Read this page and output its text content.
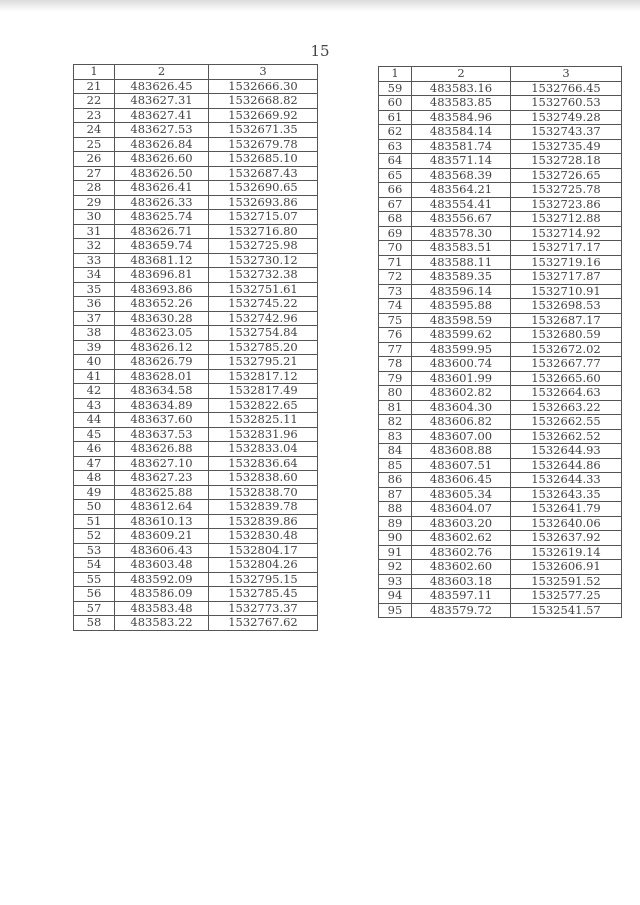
15
1	2	3
21	483626.45	1532666.30
22	483627.31	1532668.82
23	483627.41	1532669.92
24	483627.53	1532671.35
25	483626.84	1532679.78
26	483626.60	1532685.10
27	483626.50	1532687.43
28	483626.41	1532690.65
29	483626.33	1532693.86
30	483625.74	1532715.07
31	483626.71	1532716.80
32	483659.74	1532725.98
33	483681.12	1532730.12
34	483696.81	1532732.38
35	483693.86	1532751.61
36	483652.26	1532745.22
37	483630.28	1532742.96
38	483623.05	1532754.84
39	483626.12	1532785.20
40	483626.79	1532795.21
41	483628.01	1532817.12
42	483634.58	1532817.49
43	483634.89	1532822.65
44	483637.60	1532825.11
45	483637.53	1532831.96
46	483626.88	1532833.04
47	483627.10	1532836.64
48	483627.23	1532838.60
49	483625.88	1532838.70
50	483612.64	1532839.78
51	483610.13	1532839.86
52	483609.21	1532830.48
53	483606.43	1532804.17
54	483603.48	1532804.26
55	483592.09	1532795.15
56	483586.09	1532785.45
57	483583.48	1532773.37
58	483583.22	1532767.62
1	2	3
59	483583.16	1532766.45
60	483583.85	1532760.53
61	483584.96	1532749.28
62	483584.14	1532743.37
63	483581.74	1532735.49
64	483571.14	1532728.18
65	483568.39	1532726.65
66	483564.21	1532725.78
67	483554.41	1532723.86
68	483556.67	1532712.88
69	483578.30	1532714.92
70	483583.51	1532717.17
71	483588.11	1532719.16
72	483589.35	1532717.87
73	483596.14	1532710.91
74	483595.88	1532698.53
75	483598.59	1532687.17
76	483599.62	1532680.59
77	483599.95	1532672.02
78	483600.74	1532667.77
79	483601.99	1532665.60
80	483602.82	1532664.63
81	483604.30	1532663.22
82	483606.82	1532662.55
83	483607.00	1532662.52
84	483608.88	1532644.93
85	483607.51	1532644.86
86	483606.45	1532644.33
87	483605.34	1532643.35
88	483604.07	1532641.79
89	483603.20	1532640.06
90	483602.62	1532637.92
91	483602.76	1532619.14
92	483602.60	1532606.91
93	483603.18	1532591.52
94	483597.11	1532577.25
95	483579.72	1532541.57
